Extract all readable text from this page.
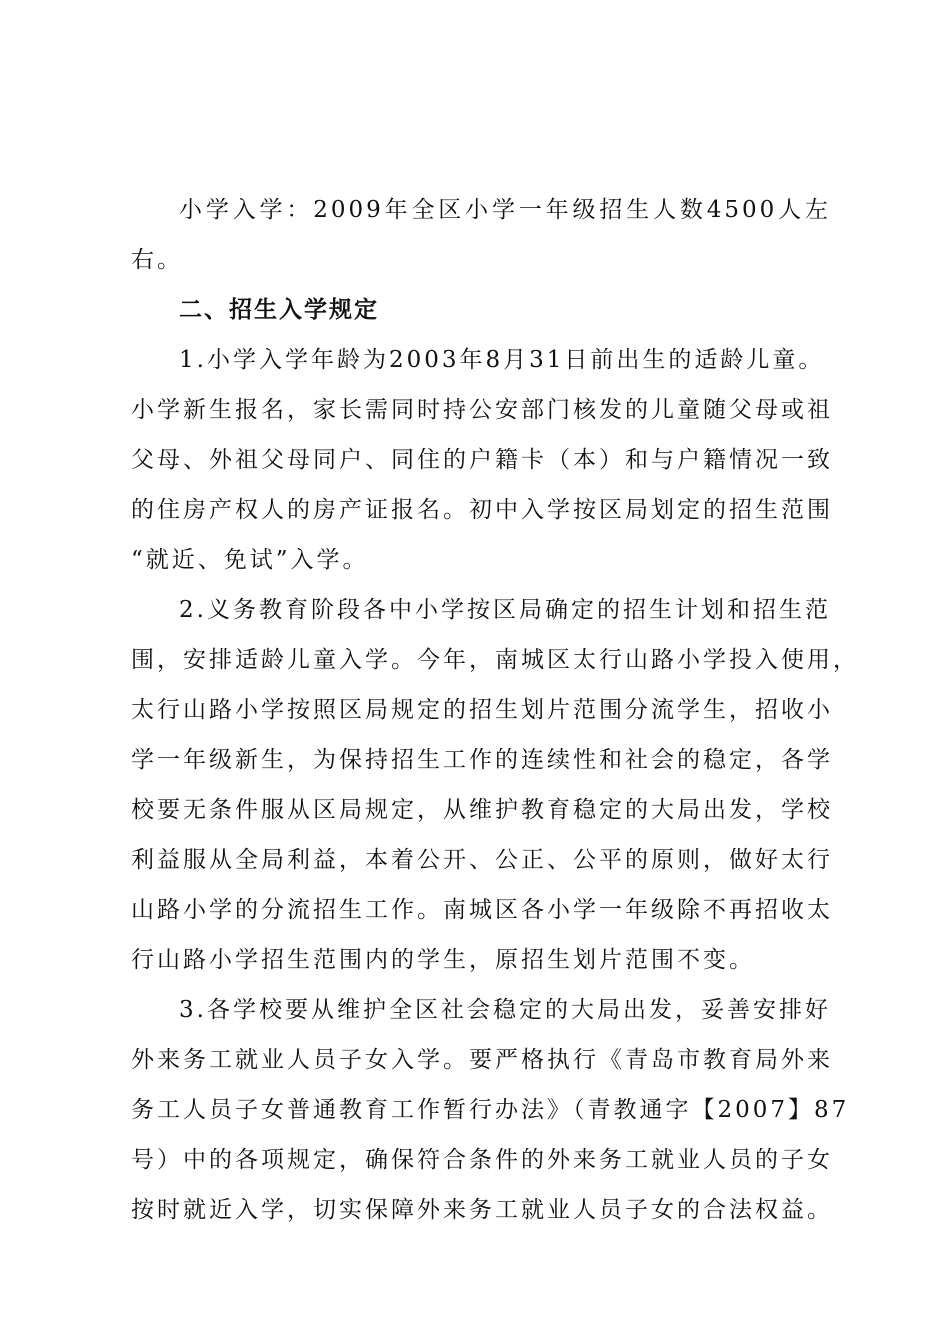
小学入学：2009年全区小学一年级招生人数4500人左右。

二、招生入学规定

1.小学入学年龄为2003年8月31日前出生的适龄儿童。
小学新生报名，家长需同时持公安部门核发的儿童随父母或祖
父母、外祖父母同户、同住的户籍卡（本）和与户籍情况一致
的住房产权人的房产证报名。初中入学按区局划定的招生范围
“就近、免试”入学。
2.义务教育阶段各中小学按区局确定的招生计划和招生范
围，安排适龄儿童入学。今年，南城区太行山路小学投入使用，
太行山路小学按照区局规定的招生划片范围分流学生，招收小
学一年级新生，为保持招生工作的连续性和社会的稳定，各学
校要无条件服从区局规定，从维护教育稳定的大局出发，学校
利益服从全局利益，本着公开、公正、公平的原则，做好太行
山路小学的分流招生工作。南城区各小学一年级除不再招收太
行山路小学招生范围内的学生，原招生划片范围不变。
3.各学校要从维护全区社会稳定的大局出发，妥善安排好
外来务工就业人员子女入学。要严格执行《青岛市教育局外来
务工人员子女普通教育工作暂行办法》（青教通字【2007】87
号）中的各项规定，确保符合条件的外来务工就业人员的子女
按时就近入学，切实保障外来务工就业人员子女的合法权益。
